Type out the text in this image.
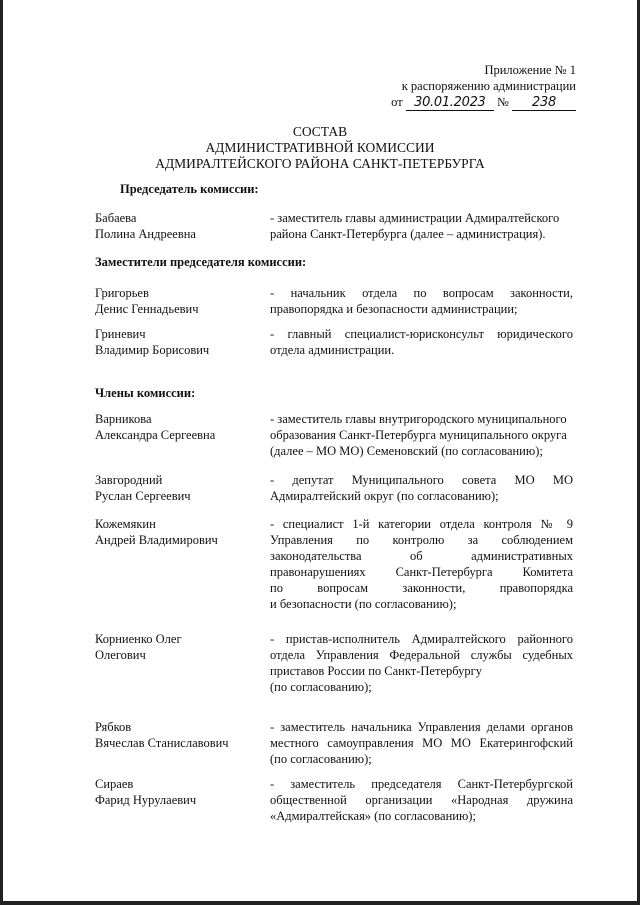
Приложение № 1
к распоряжению администрации
от 30.01.2023 № 238
СОСТАВ
АДМИНИСТРАТИВНОЙ КОМИССИИ
АДМИРАЛТЕЙСКОГО РАЙОНА САНКТ-ПЕТЕРБУРГА
Председатель комиссии:
Бабаева
Полина Андреевна
- заместитель главы администрации Адмиралтейского
района Санкт-Петербурга (далее – администрация).
Заместители председателя комиссии:
Григорьев
Денис Геннадьевич
- начальник отдела по вопросам законности,
правопорядка и безопасности администрации;
Гриневич
Владимир Борисович
- главный специалист-юрисконсульт юридического
отдела администрации.
Члены комиссии:
Варникова
Александра Сергеевна
- заместитель главы внутригородского муниципального
образования Санкт-Петербурга муниципального округа
(далее – МО МО) Семеновский (по согласованию);
Завгородний
Руслан Сергеевич
- депутат Муниципального совета МО МО
Адмиралтейский округ (по согласованию);
Кожемякин
Андрей Владимирович
- специалист 1-й категории отдела контроля № 9
Управления по контролю за соблюдением
законодательства об административных
правонарушениях Санкт-Петербурга Комитета
по вопросам законности, правопорядка
и безопасности (по согласованию);
Корниенко Олег
Олегович
- пристав-исполнитель Адмиралтейского районного
отдела Управления Федеральной службы судебных
приставов России по Санкт-Петербургу
(по согласованию);
Рябков
Вячеслав Станиславович
- заместитель начальника Управления делами органов
местного самоуправления МО МО Екатерингофский
(по согласованию);
Сираев
Фарид Нурулаевич
- заместитель председателя Санкт-Петербургской
общественной организации «Народная дружина
«Адмиралтейская» (по согласованию);
